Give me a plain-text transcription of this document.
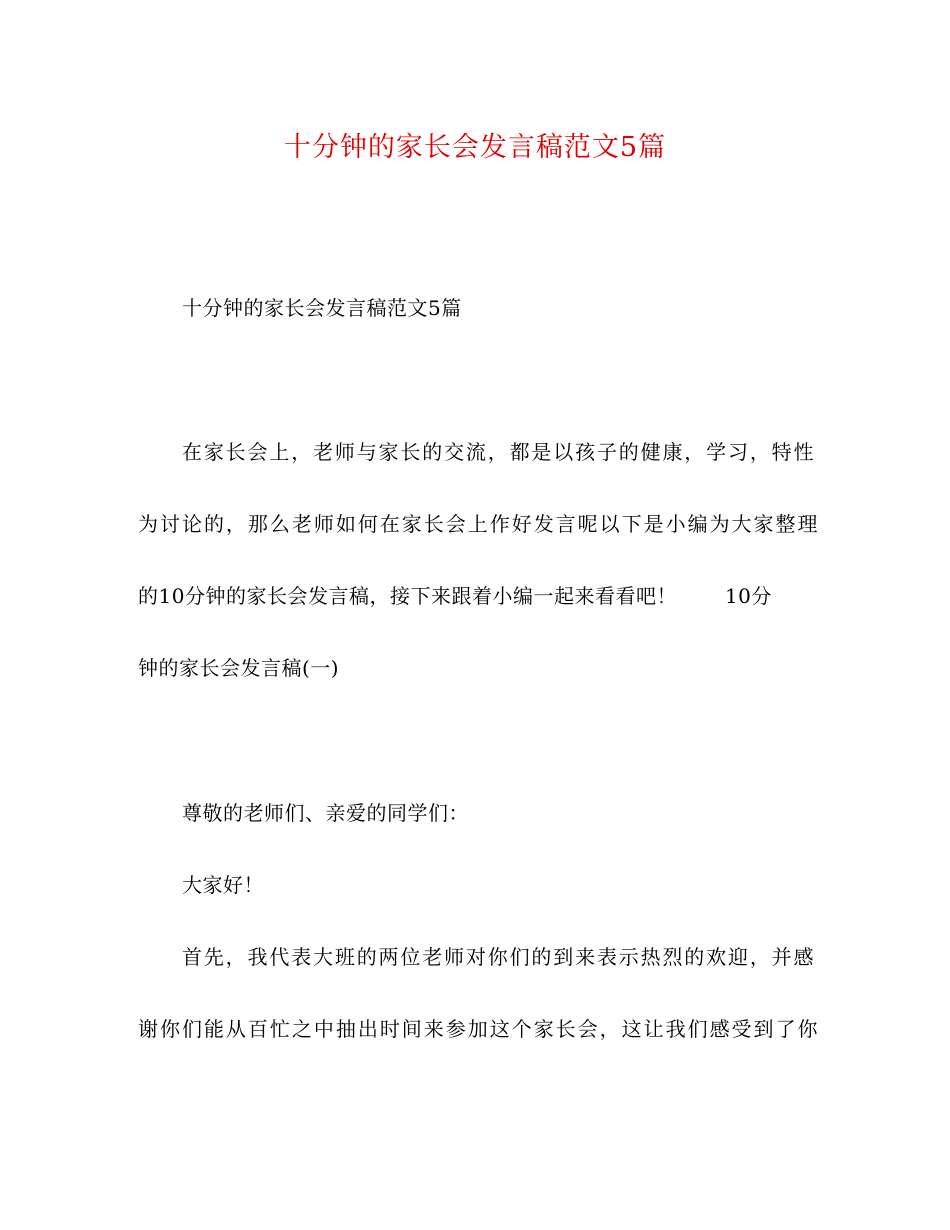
十分钟的家长会发言稿范文5篇
十分钟的家长会发言稿范文5篇
在家长会上，老师与家长的交流，都是以孩子的健康，学习，特性
为讨论的，那么老师如何在家长会上作好发言呢以下是小编为大家整理
的10分钟的家长会发言稿，接下来跟着小编一起来看看吧！ 10分
钟的家长会发言稿(一)
尊敬的老师们、亲爱的同学们：
大家好！
首先，我代表大班的两位老师对你们的到来表示热烈的欢迎，并感
谢你们能从百忙之中抽出时间来参加这个家长会，这让我们感受到了你
